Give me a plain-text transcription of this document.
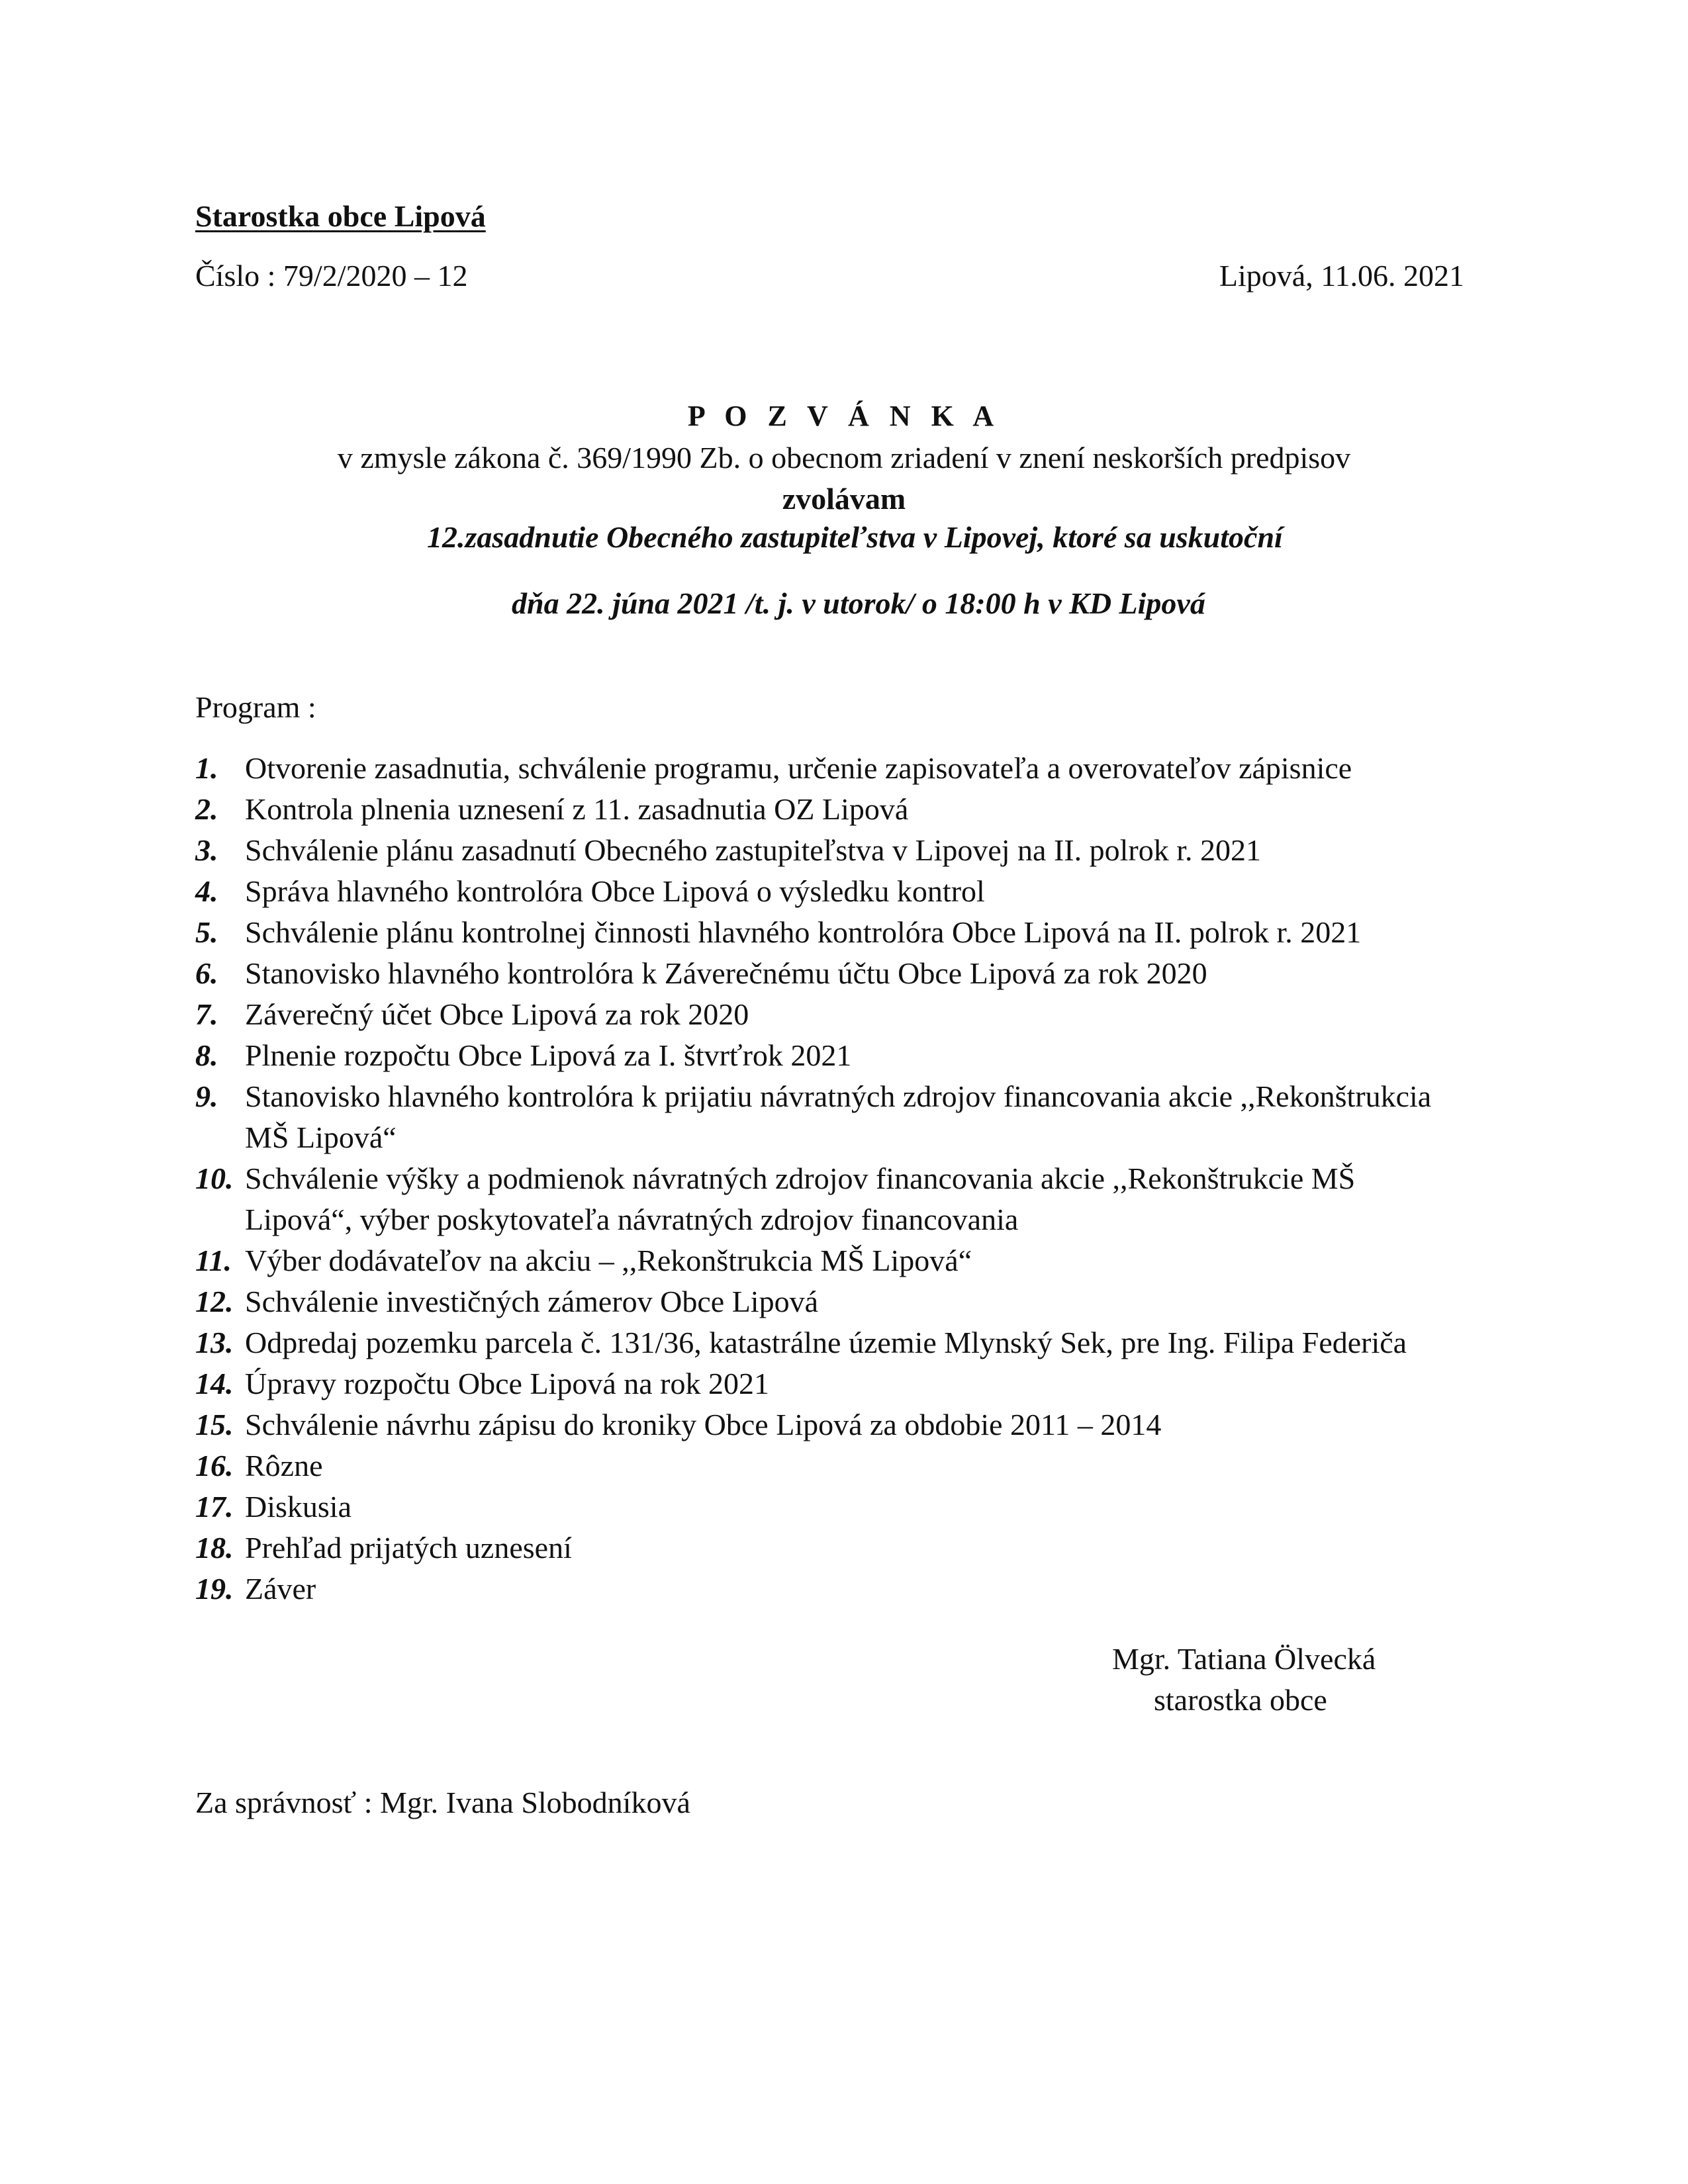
Starostka obce Lipová
Číslo : 79/2/2020 – 12	Lipová, 11.06. 2021
P O Z V Á N K A
v zmysle zákona č. 369/1990 Zb. o obecnom zriadení v znení neskorších predpisov
zvolávam
12.zasadnutie Obecného zastupiteľstva v Lipovej, ktoré sa uskutoční
dňa 22. júna 2021 /t. j. v utorok/ o 18:00 h v KD Lipová
Program :
1. Otvorenie zasadnutia, schválenie programu, určenie zapisovateľa a overovateľov zápisnice
2. Kontrola plnenia uznesení z 11. zasadnutia OZ Lipová
3. Schválenie plánu zasadnutí Obecného zastupiteľstva v Lipovej na II. polrok r. 2021
4. Správa hlavného kontrolóra Obce Lipová o výsledku kontrol
5. Schválenie plánu kontrolnej činnosti hlavného kontrolóra Obce Lipová na II. polrok r. 2021
6. Stanovisko hlavného kontrolóra k Záverečnému účtu Obce Lipová za rok 2020
7. Záverečný účet Obce Lipová za rok 2020
8. Plnenie rozpočtu Obce Lipová za I. štvrťrok 2021
9. Stanovisko hlavného kontrolóra k prijatiu návratných zdrojov financovania akcie ,,Rekonštrukcia MŠ Lipová“
10. Schválenie výšky a podmienok návratných zdrojov financovania akcie ,,Rekonštrukcie MŠ Lipová“, výber poskytovateľa návratných zdrojov financovania
11. Výber dodávateľov na akciu – ,,Rekonštrukcia MŠ Lipová“
12. Schválenie investičných zámerov Obce Lipová
13. Odpredaj pozemku parcela č. 131/36, katastrálne územie Mlynský Sek, pre Ing. Filipa Federiča
14. Úpravy rozpočtu Obce Lipová na rok 2021
15. Schválenie návrhu zápisu do kroniky Obce Lipová za obdobie 2011 – 2014
16. Rôzne
17. Diskusia
18. Prehľad prijatých uznesení
19. Záver
Mgr. Tatiana Ölvecká
starostka obce
Za správnosť : Mgr. Ivana Slobodníková
